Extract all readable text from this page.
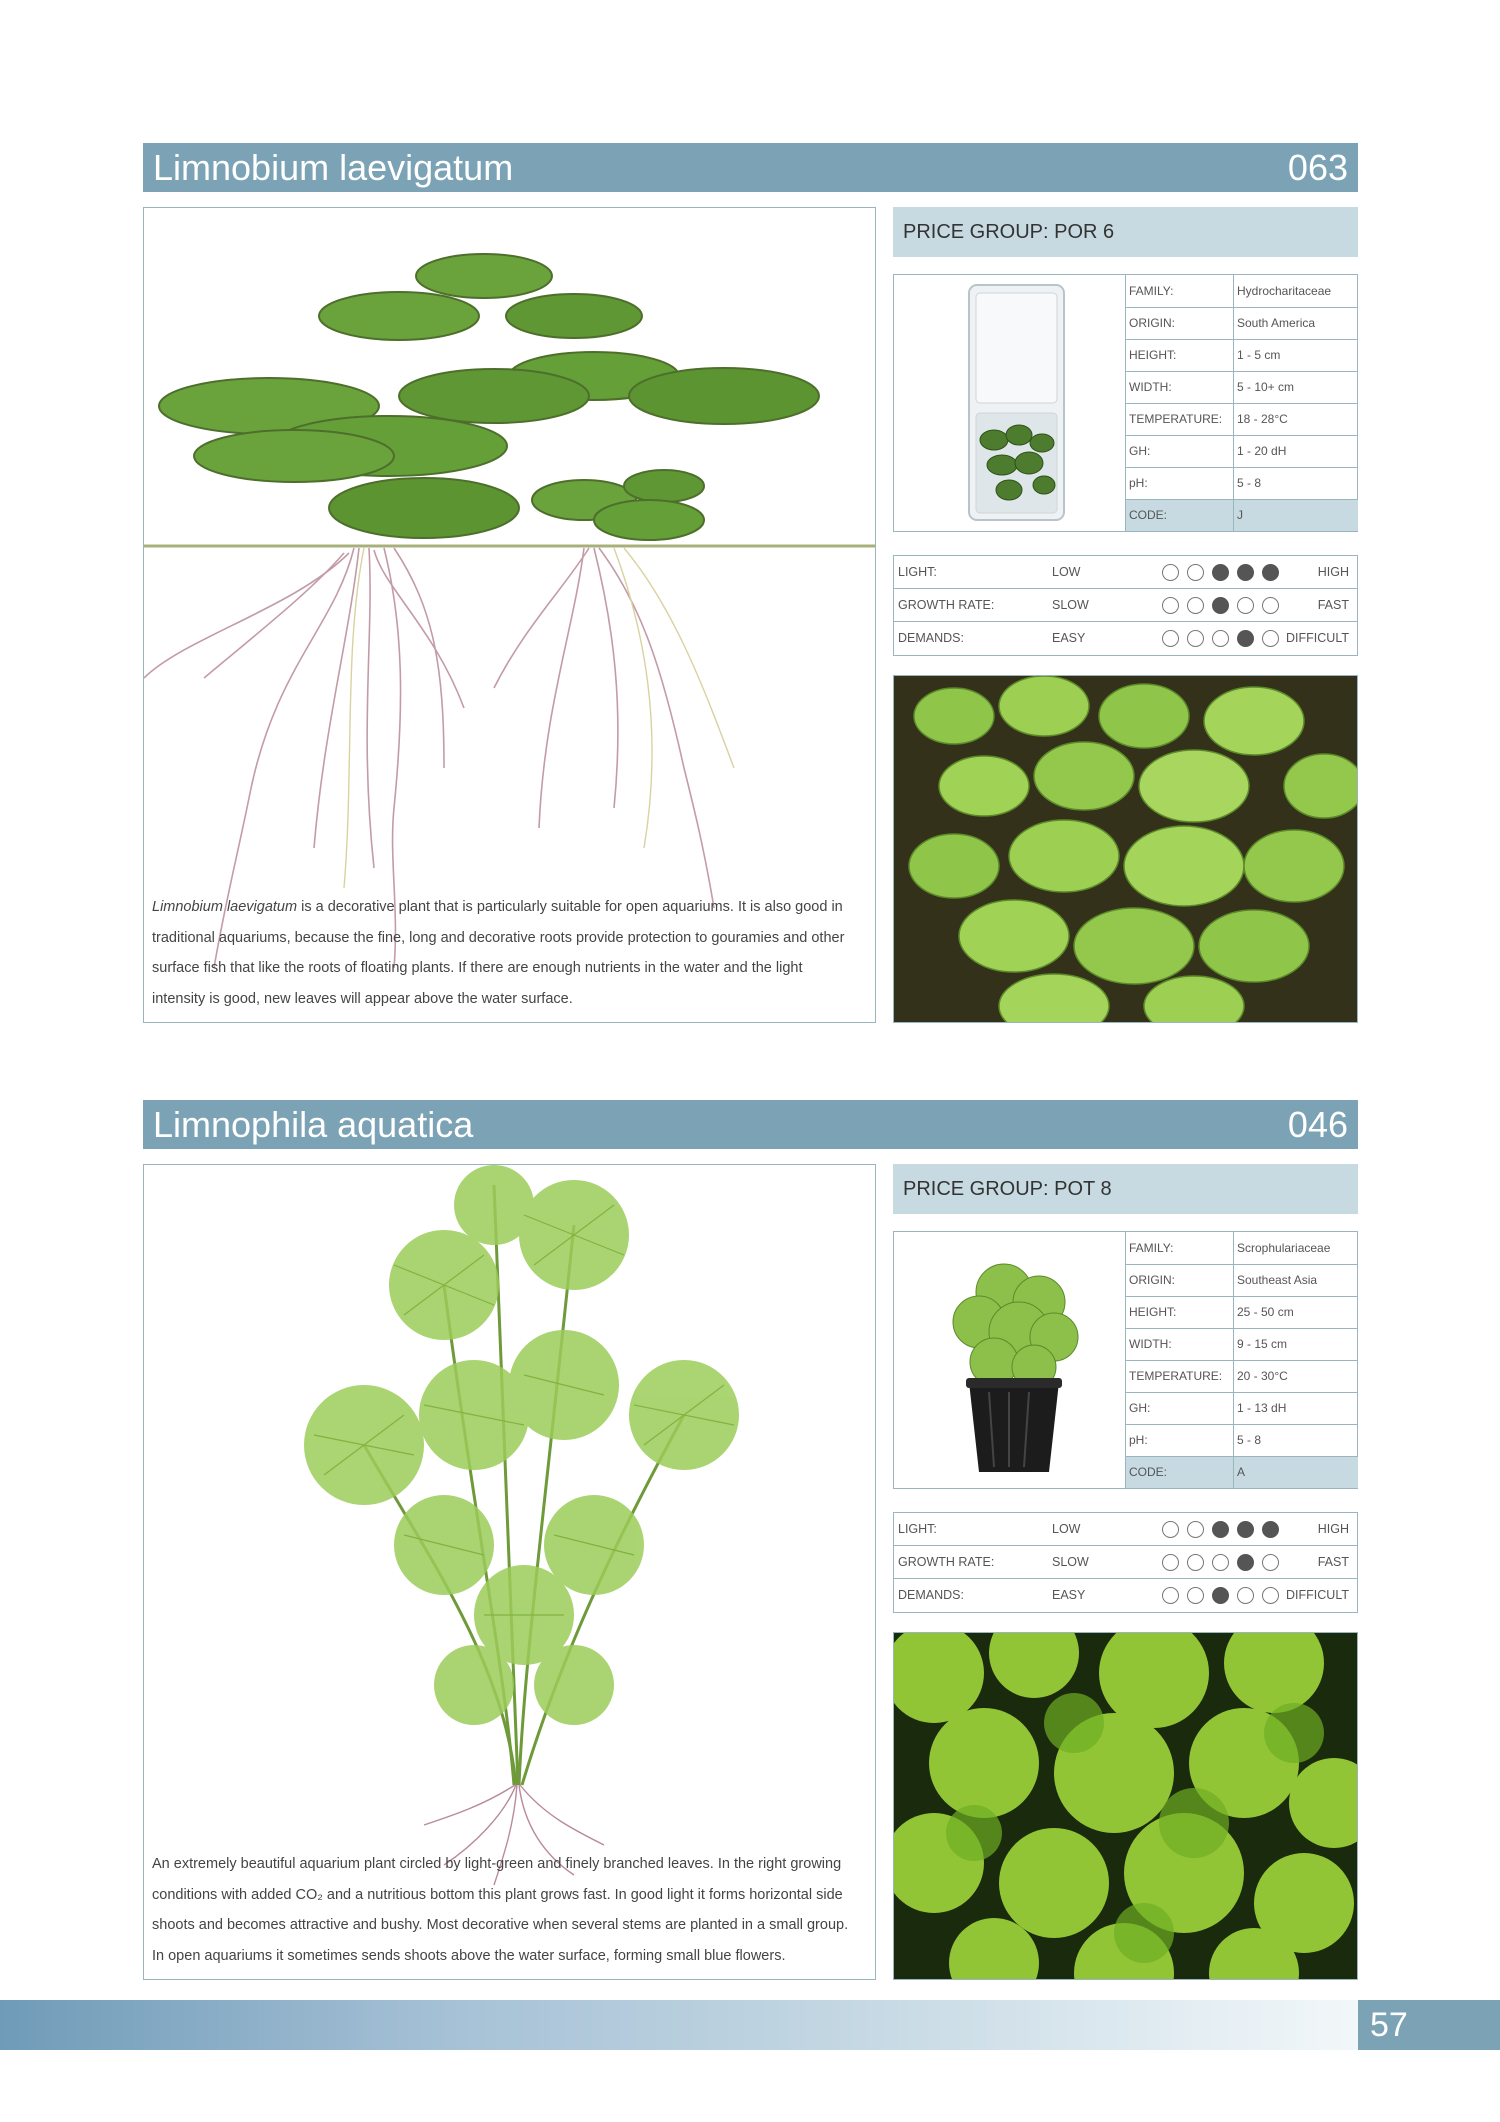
Limnobium laevigatum	063

Limnobium laevigatum is a decorative plant that is particularly suitable for open aquariums. It is also good in traditional aquariums, because the fine, long and decorative roots provide protection to gouramies and other surface fish that like the roots of floating plants. If there are enough nutrients in the water and the light intensity is good, new leaves will appear above the water surface.

PRICE GROUP: POR 6
FAMILY:	Hydrocharitaceae
ORIGIN:	South America
HEIGHT:	1 - 5 cm
WIDTH:	5 - 10+ cm
TEMPERATURE:	18 - 28°C
GH:	1 - 20 dH
pH:	5 - 8
CODE:	J
LIGHT:	LOW	HIGH
GROWTH RATE:	SLOW	FAST
DEMANDS:	EASY	DIFFICULT
Limnophila aquatica	046

An extremely beautiful aquarium plant circled by light-green and finely branched leaves. In the right growing conditions with added CO₂ and a nutritious bottom this plant grows fast. In good light it forms horizontal side shoots and becomes attractive and bushy. Most decorative when several stems are planted in a small group. In open aquariums it sometimes sends shoots above the water surface, forming small blue flowers.

PRICE GROUP: POT 8
FAMILY:	Scrophulariaceae
ORIGIN:	Southeast Asia
HEIGHT:	25 - 50 cm
WIDTH:	9 - 15 cm
TEMPERATURE:	20 - 30°C
GH:	1 - 13 dH
pH:	5 - 8
CODE:	A
LIGHT:	LOW	HIGH
GROWTH RATE:	SLOW	FAST
DEMANDS:	EASY	DIFFICULT
57
